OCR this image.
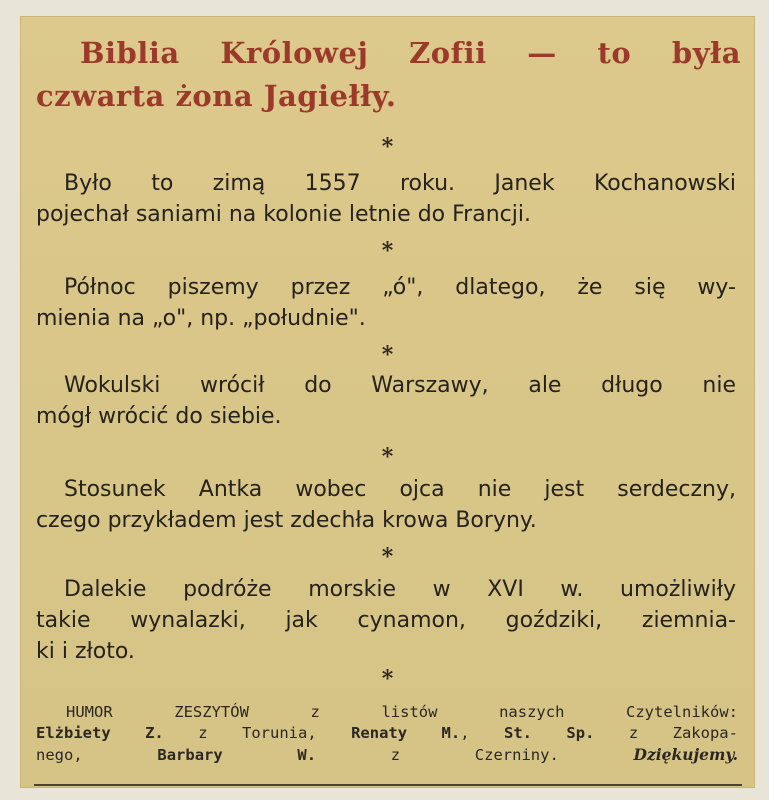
Biblia Królowej Zofii — to była
czwarta żona Jagiełły.
*
Było to zimą 1557 roku. Janek Kochanowski
pojechał saniami na kolonie letnie do Francji.
*
Północ piszemy przez „ó", dlatego, że się wy-
mienia na „o", np. „południe".
*
Wokulski wrócił do Warszawy, ale długo nie
mógł wrócić do siebie.
*
Stosunek Antka wobec ojca nie jest serdeczny,
czego przykładem jest zdechła krowa Boryny.
*
Dalekie podróże morskie w XVI w. umożliwiły
takie wynalazki, jak cynamon, goździki, ziemnia-
ki i złoto.
*
HUMOR ZESZYTÓW z listów naszych Czytelników:
Elżbiety Z. z Torunia, Renaty M., St. Sp. z Zakopa-
nego, Barbary W. z Czerniny.	Dziękujemy.
